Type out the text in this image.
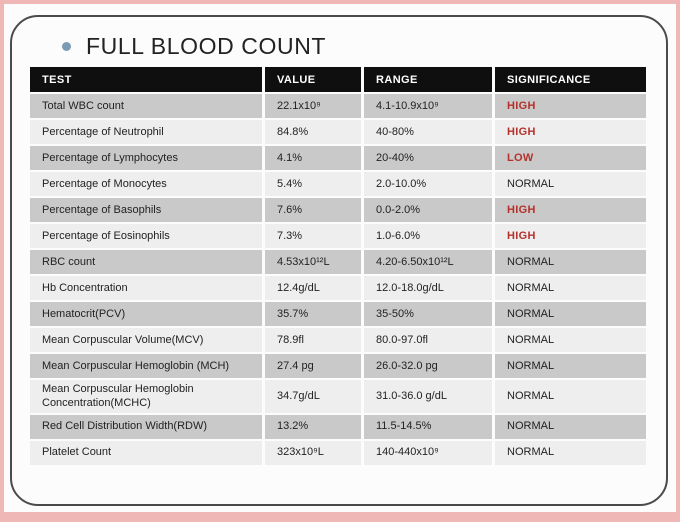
FULL BLOOD COUNT
TEST	VALUE	RANGE	SIGNIFICANCE
Total WBC count	22.1x10⁹	4.1-10.9x10⁹	HIGH
Percentage of Neutrophil	84.8%	40-80%	HIGH
Percentage of Lymphocytes	4.1%	20-40%	LOW
Percentage of Monocytes	5.4%	2.0-10.0%	NORMAL
Percentage of Basophils	7.6%	0.0-2.0%	HIGH
Percentage of Eosinophils	7.3%	1.0-6.0%	HIGH
RBC count	4.53x10¹²L	4.20-6.50x10¹²L	NORMAL
Hb Concentration	12.4g/dL	12.0-18.0g/dL	NORMAL
Hematocrit(PCV)	35.7%	35-50%	NORMAL
Mean Corpuscular Volume(MCV)	78.9fl	80.0-97.0fl	NORMAL
Mean Corpuscular Hemoglobin (MCH)	27.4 pg	26.0-32.0 pg	NORMAL
Mean Corpuscular Hemoglobin Concentration(MCHC)	34.7g/dL	31.0-36.0 g/dL	NORMAL
Red Cell Distribution Width(RDW)	13.2%	11.5-14.5%	NORMAL
Platelet Count	323x10⁹L	140-440x10⁹	NORMAL
